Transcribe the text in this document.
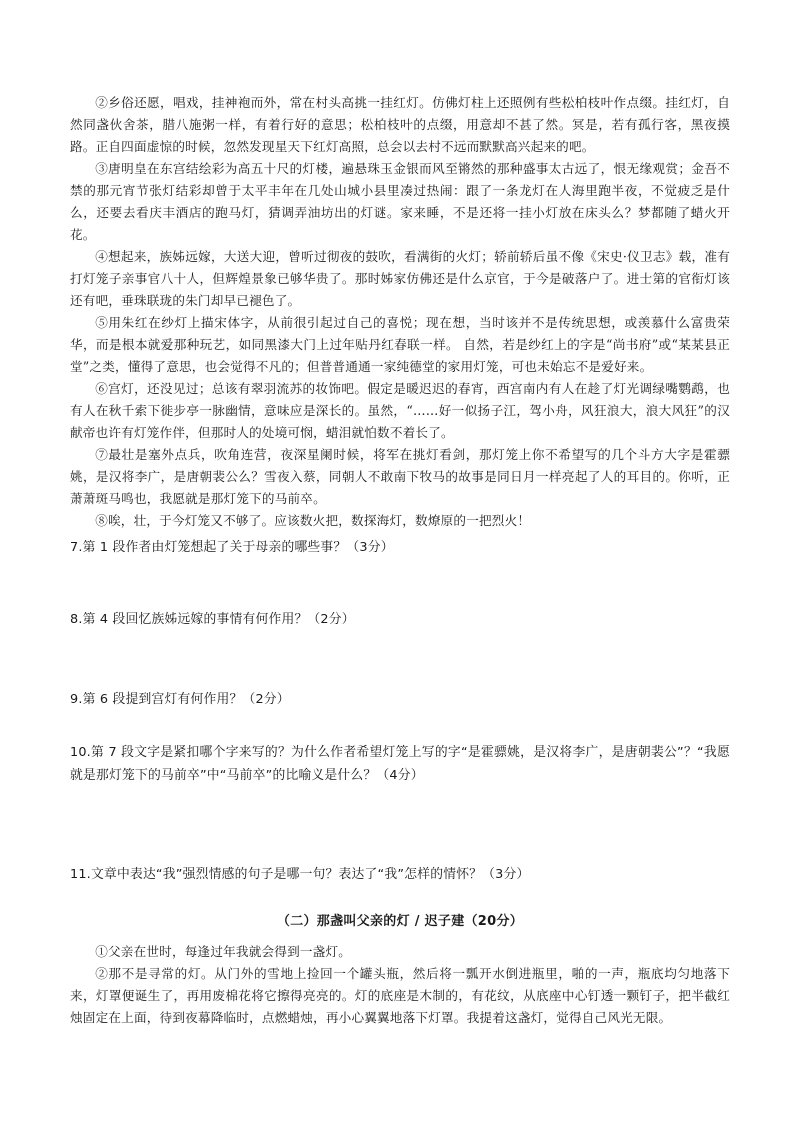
②乡俗还愿，唱戏，挂神袍而外，常在村头高挑一挂红灯。仿佛灯柱上还照例有些松柏枝叶作点缀。挂红灯，自然同盏伙舍茶，腊八施粥一样，有着行好的意思；松柏枝叶的点缀，用意却不甚了然。冥是，若有孤行客，黑夜摸路。正自四面虚惊的时候，忽然发现星天下红灯高照，总会以去村不远而默默高兴起来的吧。

③唐明皇在东宫结绘彩为高五十尺的灯楼，遍悬珠玉金银而风至锵然的那种盛事太古远了，恨无缘观赏；金吾不禁的那元宵节张灯结彩却曾于太平丰年在几处山城小县里凑过热闹：跟了一条龙灯在人海里跑半夜，不觉疲乏是什么，还要去看庆丰酒店的跑马灯，猜调弄油坊出的灯谜。家来睡，不是还将一挂小灯放在床头么？梦都随了蜡火开花。

④想起来，族姊远嫁，大送大迎，曾听过彻夜的鼓吹，看满街的火灯；轿前轿后虽不像《宋史·仪卫志》载，准有打灯笼子亲事官八十人，但辉煌景象已够华贵了。那时姊家仿佛还是什么京官，于今是破落户了。进士第的官衔灯该还有吧，垂珠联珑的朱门却早已褪色了。

⑤用朱红在纱灯上描宋体字，从前很引起过自己的喜悦；现在想，当时该并不是传统思想，或羡慕什么富贵荣华，而是根本就爱那种玩艺，如同黑漆大门上过年贴丹红春联一样。 自然，若是纱红上的字是“尚书府”或“某某县正堂”之类，懂得了意思，也会觉得不凡的；但普普通通一家纯德堂的家用灯笼，可也未始忘不是爱好来。

⑥宫灯，还没见过；总该有翠羽流苏的妆饰吧。假定是暖迟迟的春宵，西宫南内有人在趁了灯光调绿嘴鹦鹉，也有人在秋千索下徙步亭一脉幽情，意味应是深长的。虽然，“……好一似扬子江，驾小舟，风狂浪大，浪大风狂”的汉献帝也许有灯笼作伴，但那时人的处境可悯，蜡泪就怕数不着长了。

⑦最壮是塞外点兵，吹角连营，夜深星阑时候，将军在挑灯看剑，那灯笼上你不希望写的几个斗方大字是霍骠姚，是汉将李广，是唐朝裴公么？雪夜入蔡，同朝人不敢南下牧马的故事是同日月一样亮起了人的耳目的。你听，正萧萧斑马鸣也，我愿就是那灯笼下的马前卒。

⑧唉，壮，于今灯笼又不够了。应该数火把，数探海灯，数燎原的一把烈火！

7.第 1 段作者由灯笼想起了关于母亲的哪些事？（3分）

8.第 4 段回忆族姊远嫁的事情有何作用？（2分）

9.第 6 段提到宫灯有何作用？（2分）

10.第 7 段文字是紧扣哪个字来写的？为什么作者希望灯笼上写的字“是霍骠姚，是汉将李广，是唐朝裴公”？“我愿就是那灯笼下的马前卒”中“马前卒”的比喻义是什么？（4分）

11.文章中表达“我”强烈情感的句子是哪一句？表达了“我”怎样的情怀？（3分）

（二）那盏叫父亲的灯 / 迟子建（20分）

①父亲在世时，每逢过年我就会得到一盏灯。

②那不是寻常的灯。从门外的雪地上捡回一个罐头瓶，然后将一瓢开水倒进瓶里，啪的一声，瓶底均匀地落下来，灯罩便诞生了，再用废棉花将它擦得亮亮的。灯的底座是木制的，有花纹，从底座中心钉透一颗钉子，把半截红烛固定在上面，待到夜幕降临时，点燃蜡烛，再小心翼翼地落下灯罩。我提着这盏灯，觉得自己风光无限。
